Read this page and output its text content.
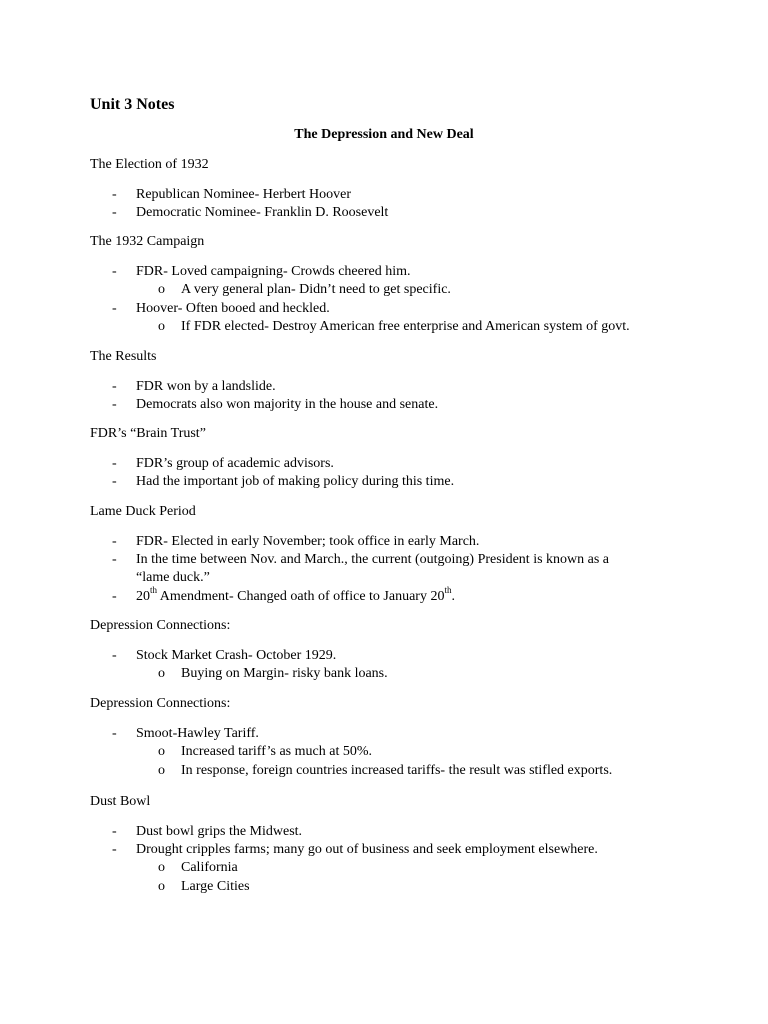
Unit 3 Notes
The Depression and New Deal
The Election of 1932
-	Republican Nominee- Herbert Hoover
-	Democratic Nominee- Franklin D. Roosevelt
The 1932 Campaign
-	FDR- Loved campaigning- Crowds cheered him.
o	A very general plan- Didn’t need to get specific.
-	Hoover- Often booed and heckled.
o	If FDR elected- Destroy American free enterprise and American system of govt.
The Results
-	FDR won by a landslide.
-	Democrats also won majority in the house and senate.
FDR’s “Brain Trust”
-	FDR’s group of academic advisors.
-	Had the important job of making policy during this time.
Lame Duck Period
-	FDR- Elected in early November; took office in early March.
-	In the time between Nov. and March., the current (outgoing) President is known as a
“lame duck.”
-	20th Amendment- Changed oath of office to January 20th.
Depression Connections:
-	Stock Market Crash- October 1929.
o	Buying on Margin- risky bank loans.
Depression Connections:
-	Smoot-Hawley Tariff.
o	Increased tariff’s as much at 50%.
o	In response, foreign countries increased tariffs- the result was stifled exports.
Dust Bowl
-	Dust bowl grips the Midwest.
-	Drought cripples farms; many go out of business and seek employment elsewhere.
o	California
o	Large Cities
